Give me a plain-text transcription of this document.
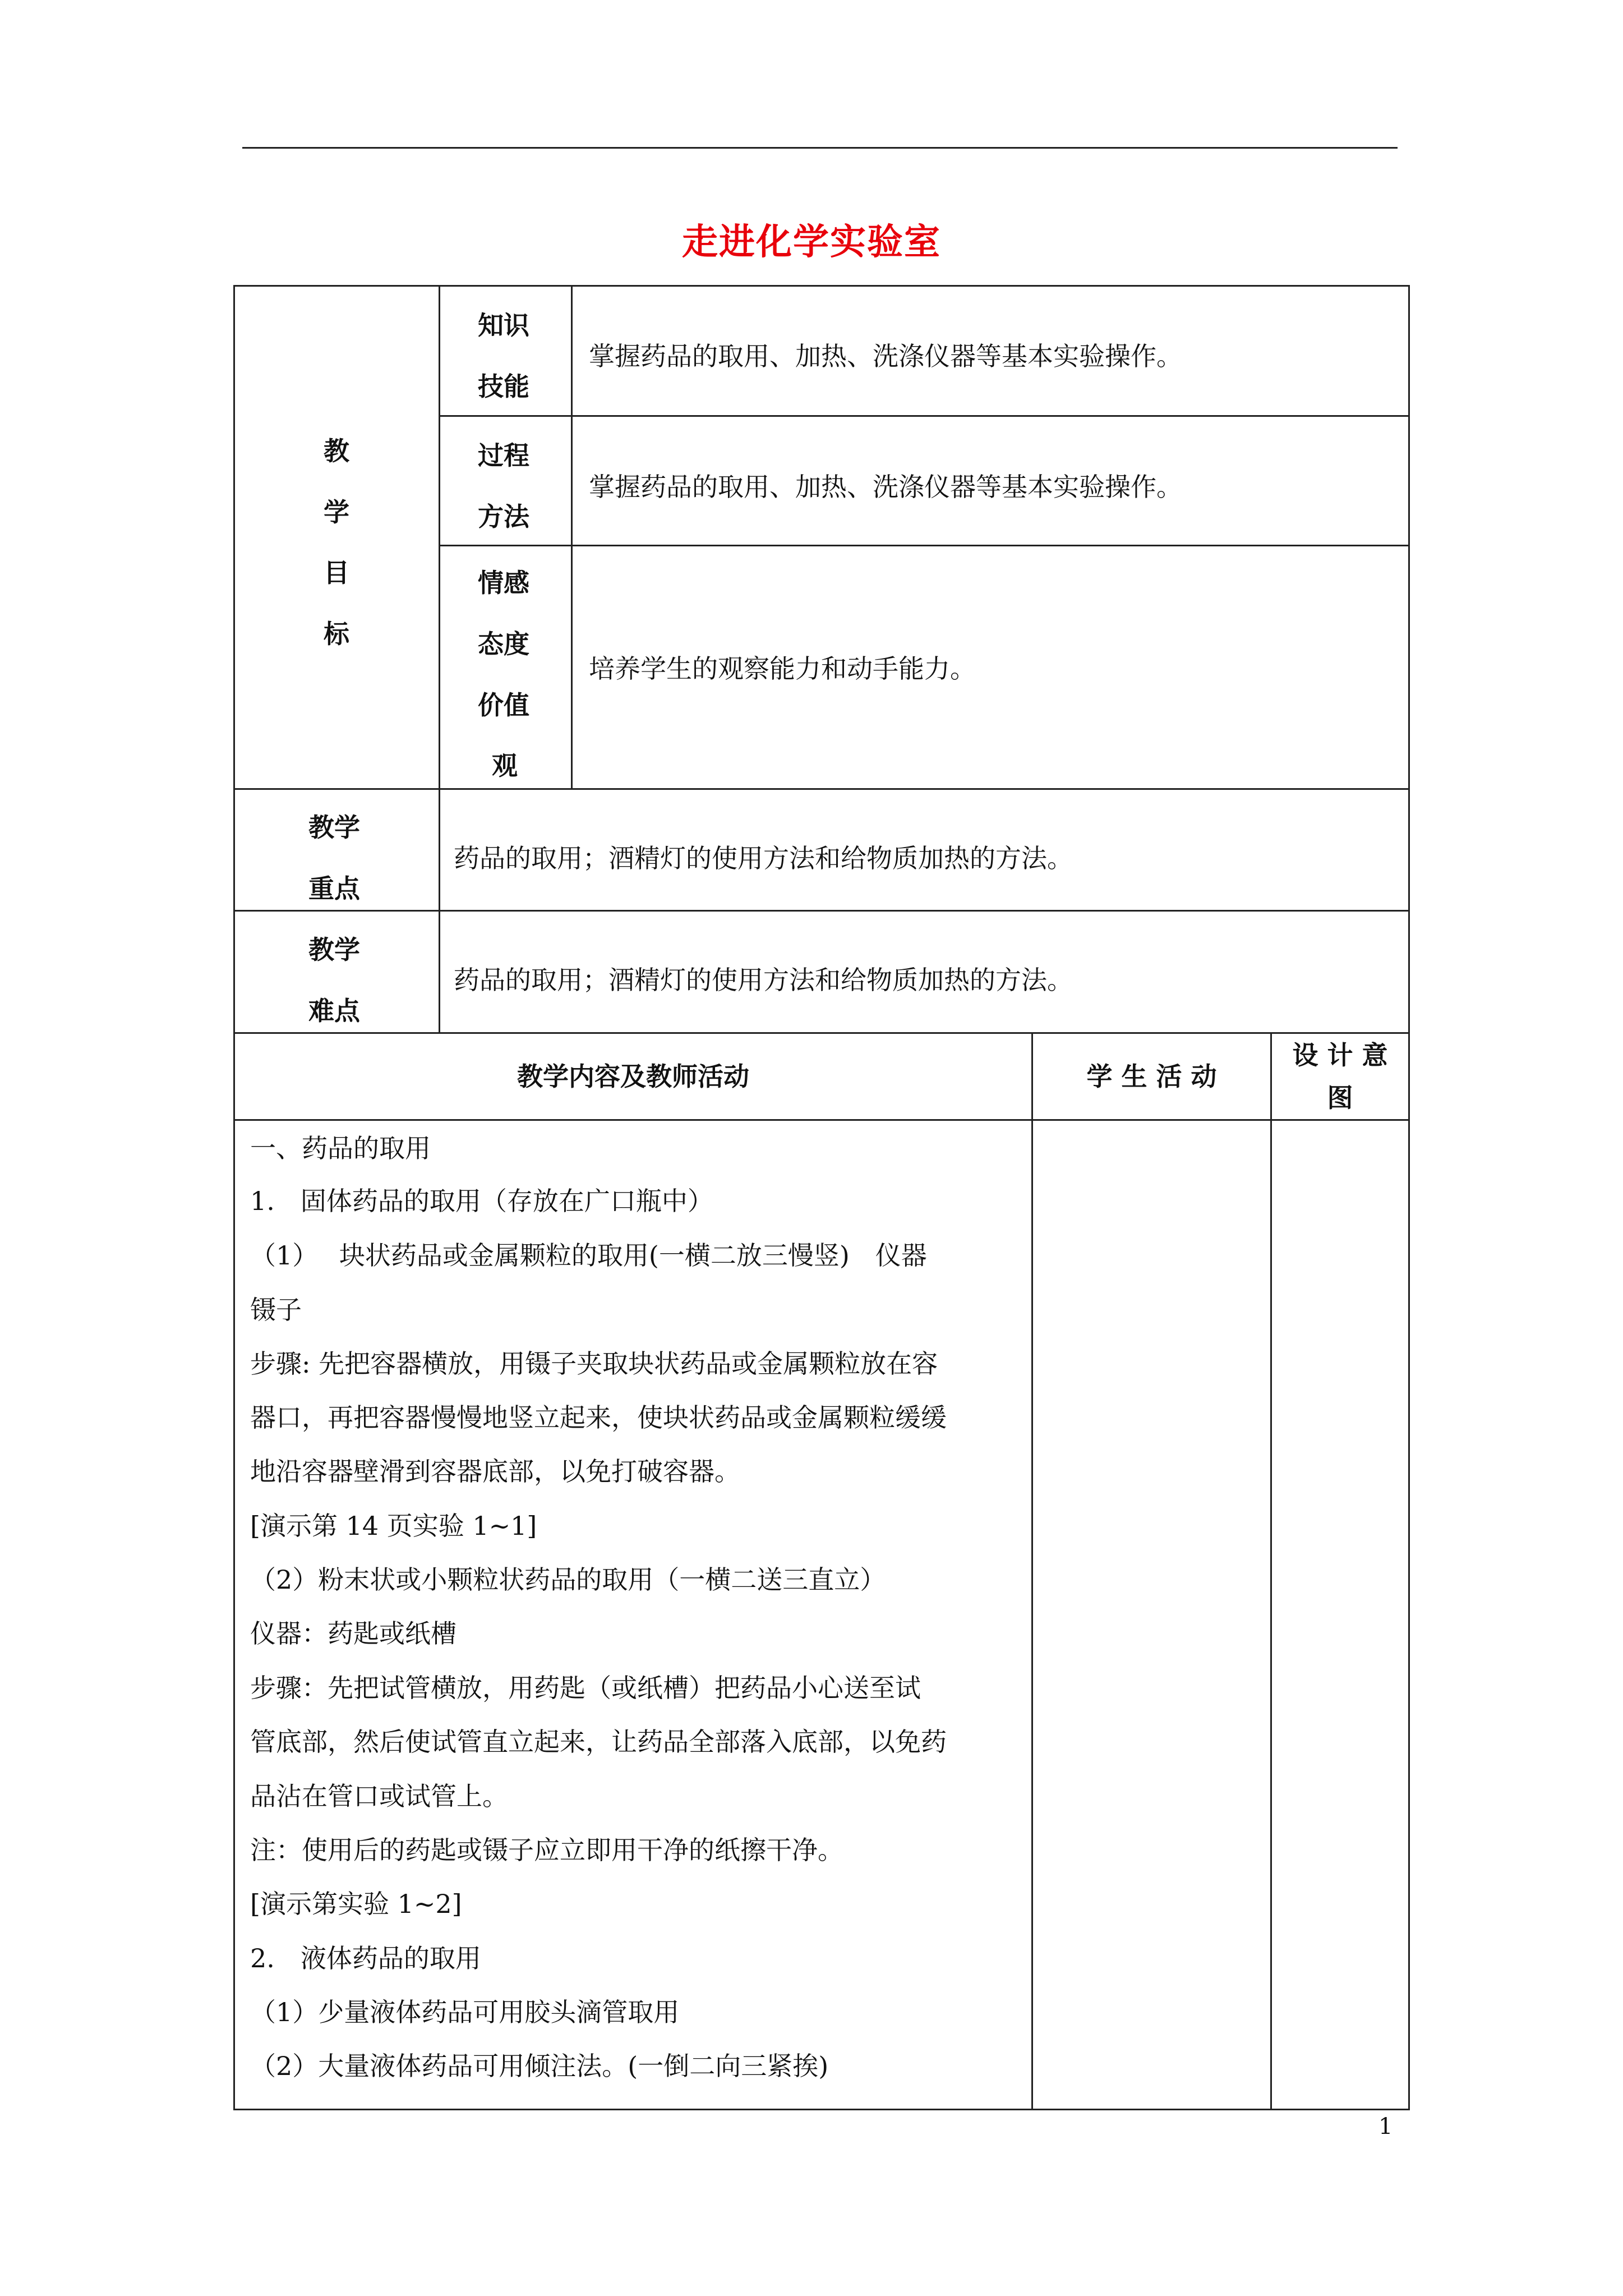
走进化学实验室
教
学
目
标
知识
技能
掌握药品的取用、加热、洗涤仪器等基本实验操作。
过程
方法
掌握药品的取用、加热、洗涤仪器等基本实验操作。
情感
态度
价值
观
培养学生的观察能力和动手能力。
教学
重点
药品的取用；酒精灯的使用方法和给物质加热的方法。
教学
难点
药品的取用；酒精灯的使用方法和给物质加热的方法。
教学内容及教师活动	学 生 活 动
设 计 意
图
一、药品的取用
1.　固体药品的取用（存放在广口瓶中）
（1）　 块状药品或金属颗粒的取用(一横二放三慢竖)　仪器
镊子
步骤: 先把容器横放，用镊子夹取块状药品或金属颗粒放在容
器口，再把容器慢慢地竖立起来，使块状药品或金属颗粒缓缓
地沿容器壁滑到容器底部，以免打破容器。
[演示第 14 页实验 1~1]
（2）粉末状或小颗粒状药品的取用（一横二送三直立）
仪器：药匙或纸槽
步骤：先把试管横放，用药匙（或纸槽）把药品小心送至试
管底部，然后使试管直立起来，让药品全部落入底部，以免药
品沾在管口或试管上。
注：使用后的药匙或镊子应立即用干净的纸擦干净。
[演示第实验 1~2]
2.　液体药品的取用
（1）少量液体药品可用胶头滴管取用
（2）大量液体药品可用倾注法。(一倒二向三紧挨)
1
